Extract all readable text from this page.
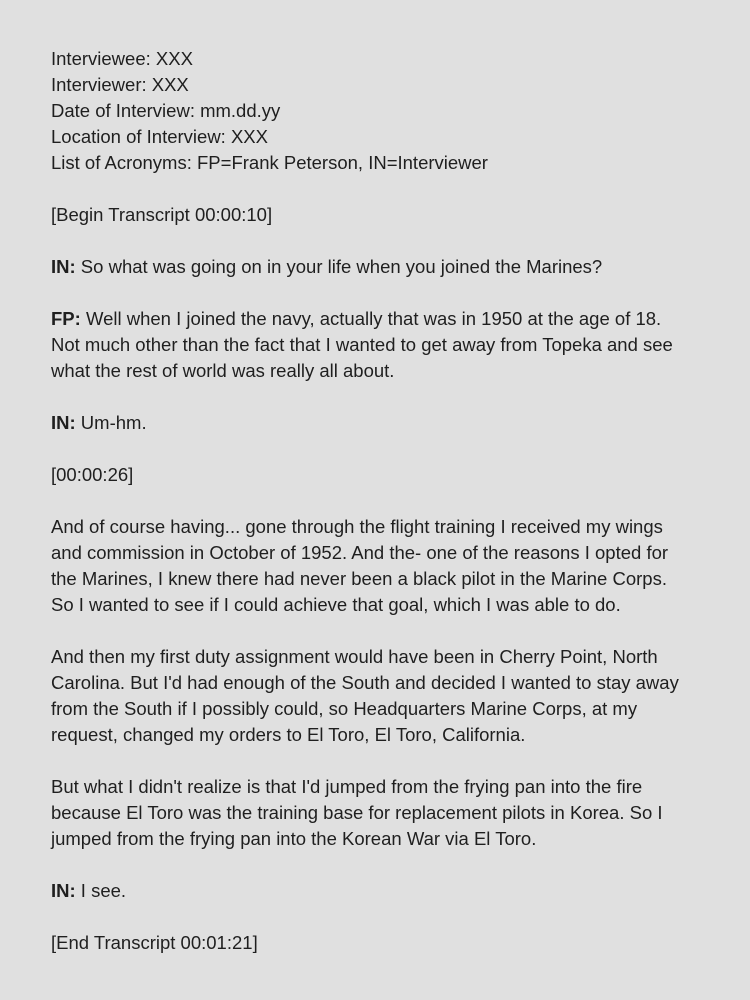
Interviewee: XXX

Interviewer: XXX

Date of Interview: mm.dd.yy

Location of Interview: XXX

List of Acronyms: FP=Frank Peterson, IN=Interviewer

[Begin Transcript 00:00:10]

IN: So what was going on in your life when you joined the Marines?

FP: Well when I joined the navy, actually that was in 1950 at the age of 18.

Not much other than the fact that I wanted to get away from Topeka and see

what the rest of world was really all about.

IN: Um-hm.

[00:00:26]

And of course having... gone through the flight training I received my wings

and commission in October of 1952. And the- one of the reasons I opted for

the Marines, I knew there had never been a black pilot in the Marine Corps.

So I wanted to see if I could achieve that goal, which I was able to do.

And then my first duty assignment would have been in Cherry Point, North

Carolina. But I'd had enough of the South and decided I wanted to stay away

from the South if I possibly could, so Headquarters Marine Corps, at my

request, changed my orders to El Toro, El Toro, California.

But what I didn't realize is that I'd jumped from the frying pan into the fire

because El Toro was the training base for replacement pilots in Korea. So I

jumped from the frying pan into the Korean War via El Toro.

IN: I see.

[End Transcript 00:01:21]
